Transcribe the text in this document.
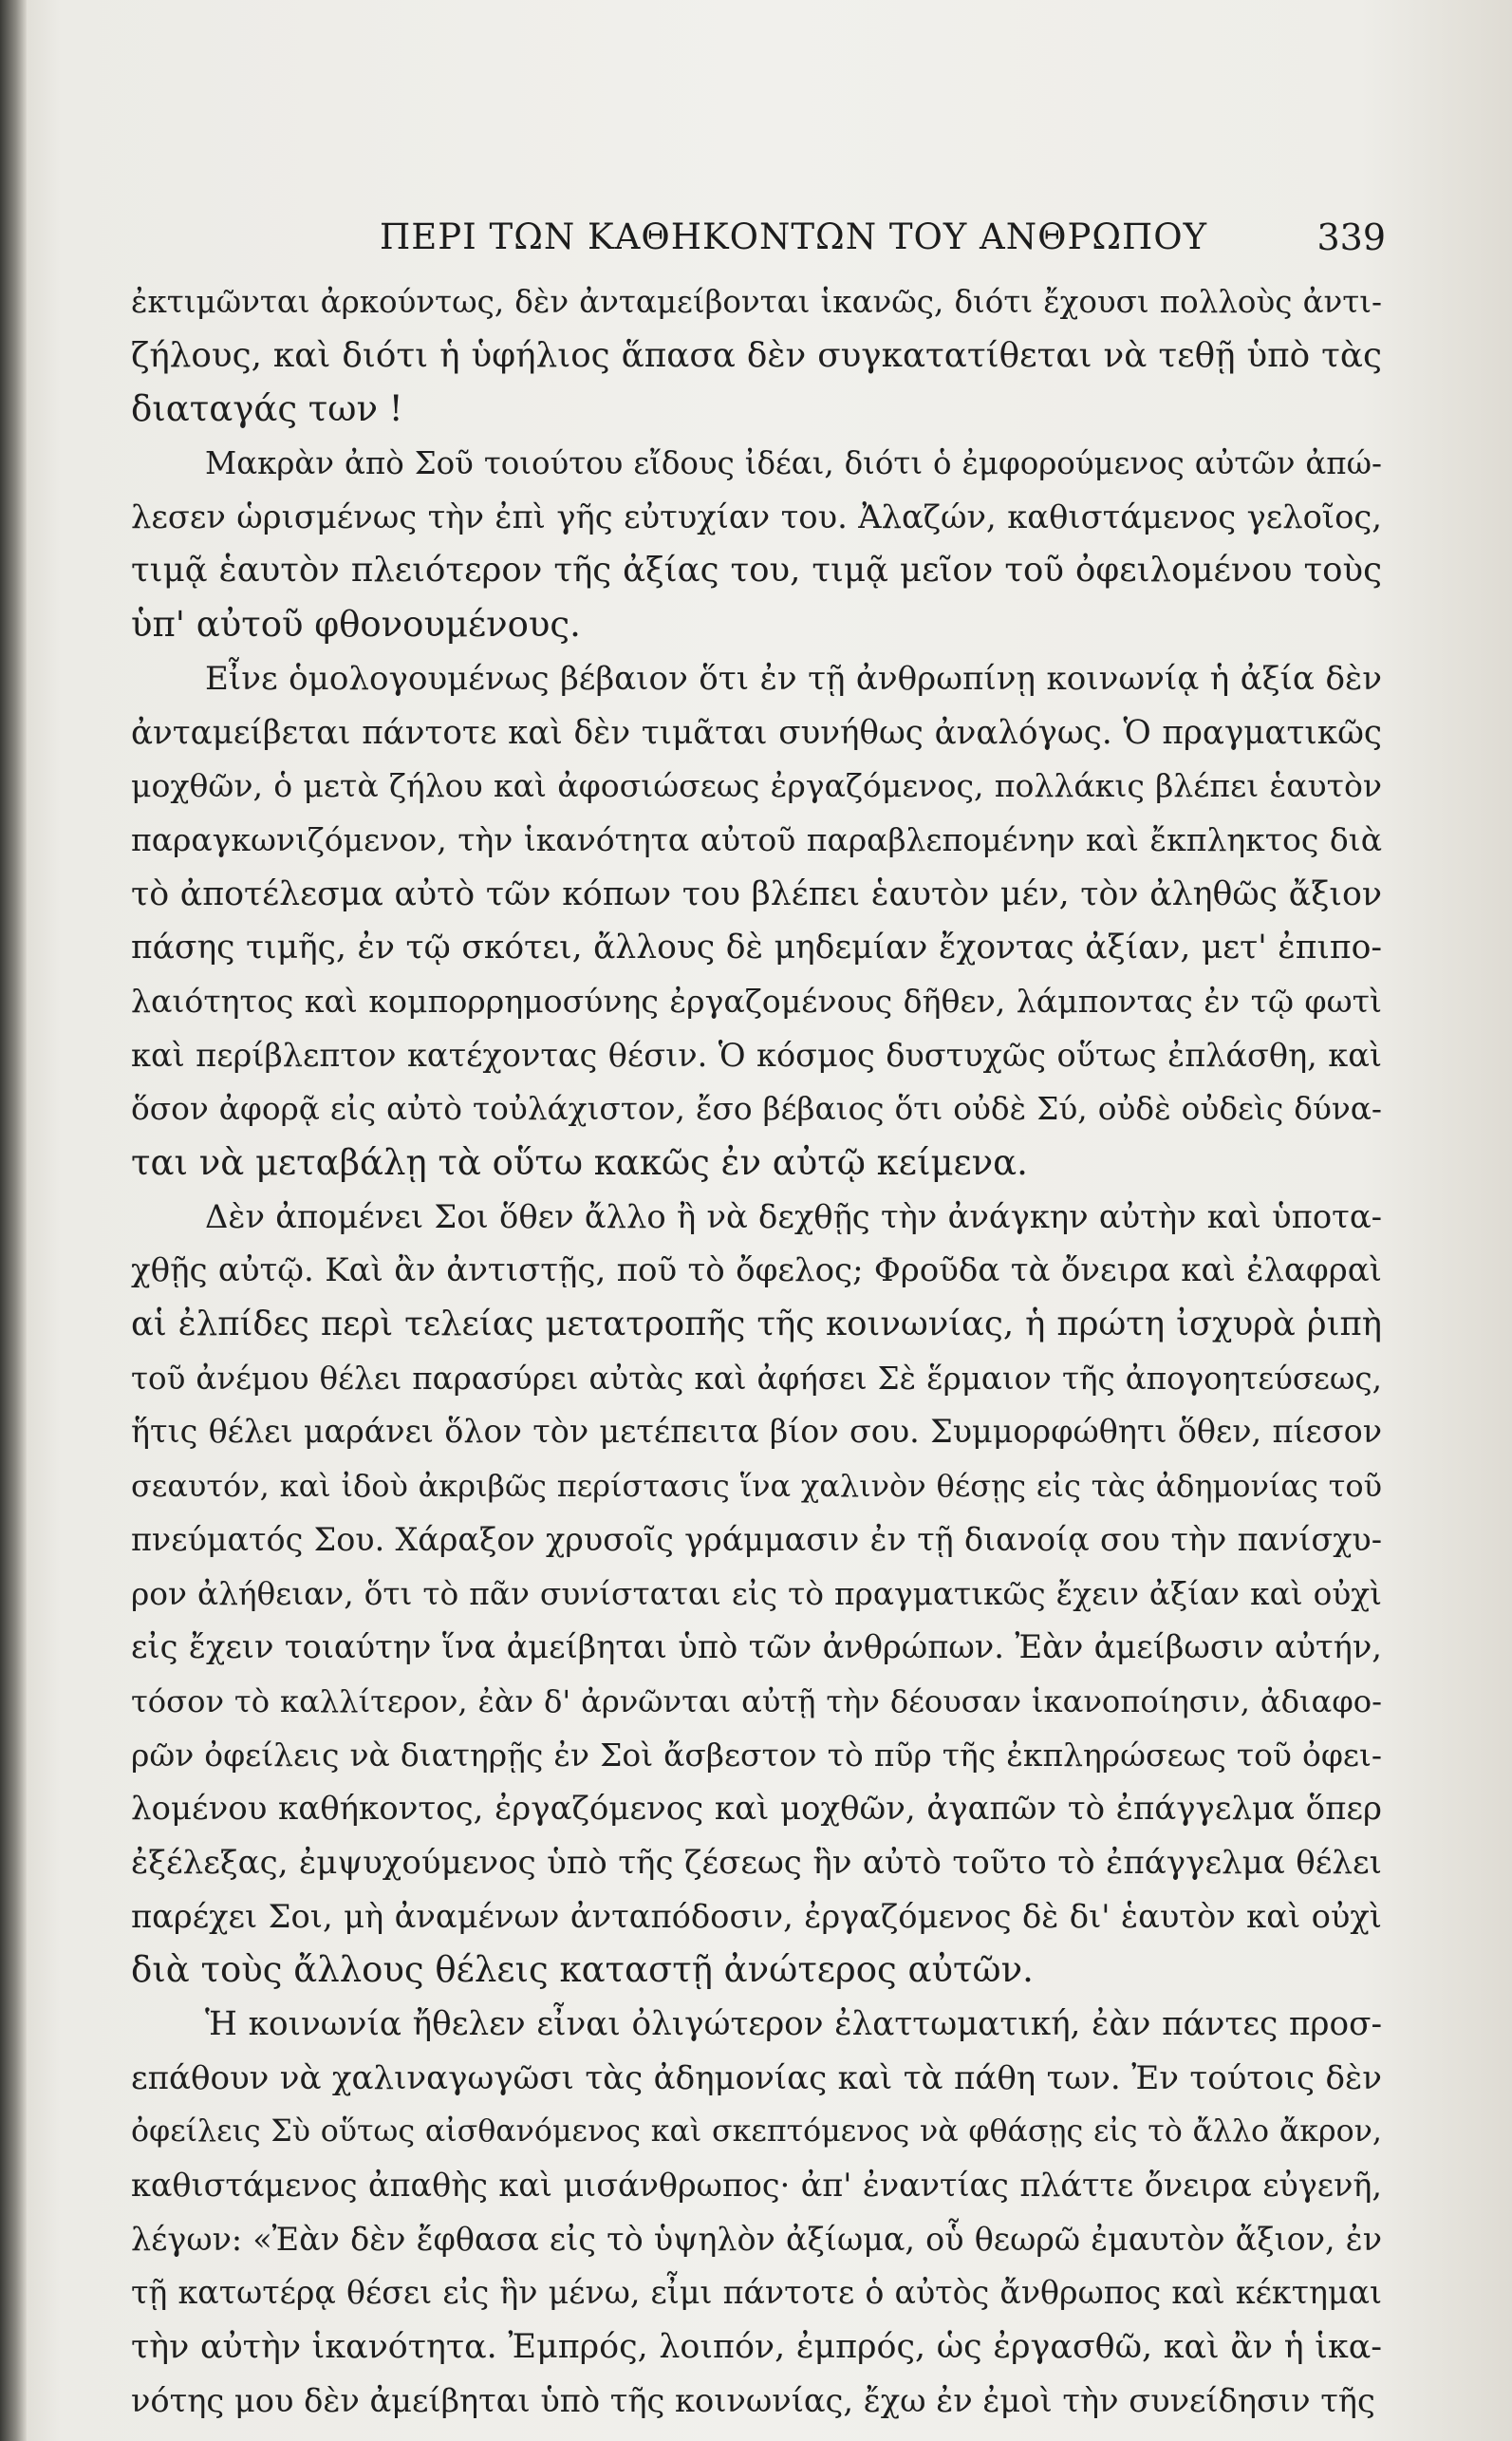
ΠΕΡΙ ΤΩΝ ΚΑΘΗΚΟΝΤΩΝ ΤΟΥ ΑΝΘΡΩΠΟΥ	339
ἐκτιμῶνται ἀρκούντως, δὲν ἀνταμείβονται ἱκανῶς, διότι ἔχουσι πολλοὺς ἀντι-
ζήλους, καὶ διότι ἡ ὑφήλιος ἅπασα δὲν συγκατατίθεται νὰ τεθῇ ὑπὸ τὰς
διαταγάς των !
Μακρὰν ἀπὸ Σοῦ τοιούτου εἴδους ἰδέαι, διότι ὁ ἐμφορούμενος αὐτῶν ἀπώ-
λεσεν ὡρισμένως τὴν ἐπὶ γῆς εὐτυχίαν του. Ἀλαζών, καθιστάμενος γελοῖος,
τιμᾷ ἑαυτὸν πλειότερον τῆς ἀξίας του, τιμᾷ μεῖον τοῦ ὀφειλομένου τοὺς
ὑπ' αὐτοῦ φθονουμένους.
Εἶνε ὁμολογουμένως βέβαιον ὅτι ἐν τῇ ἀνθρωπίνῃ κοινωνίᾳ ἡ ἀξία δὲν
ἀνταμείβεται πάντοτε καὶ δὲν τιμᾶται συνήθως ἀναλόγως. Ὁ πραγματικῶς
μοχθῶν, ὁ μετὰ ζήλου καὶ ἀφοσιώσεως ἐργαζόμενος, πολλάκις βλέπει ἑαυτὸν
παραγκωνιζόμενον, τὴν ἱκανότητα αὐτοῦ παραβλεπομένην καὶ ἔκπληκτος διὰ
τὸ ἀποτέλεσμα αὐτὸ τῶν κόπων του βλέπει ἑαυτὸν μέν, τὸν ἀληθῶς ἄξιον
πάσης τιμῆς, ἐν τῷ σκότει, ἄλλους δὲ μηδεμίαν ἔχοντας ἀξίαν, μετ' ἐπιπο-
λαιότητος καὶ κομπορρημοσύνης ἐργαζομένους δῆθεν, λάμποντας ἐν τῷ φωτὶ
καὶ περίβλεπτον κατέχοντας θέσιν. Ὁ κόσμος δυστυχῶς οὕτως ἐπλάσθη, καὶ
ὅσον ἀφορᾷ εἰς αὐτὸ τοὐλάχιστον, ἔσο βέβαιος ὅτι οὐδὲ Σύ, οὐδὲ οὐδεὶς δύνα-
ται νὰ μεταβάλῃ τὰ οὕτω κακῶς ἐν αὐτῷ κείμενα.
Δὲν ἀπομένει Σοι ὅθεν ἄλλο ἢ νὰ δεχθῇς τὴν ἀνάγκην αὐτὴν καὶ ὑποτα-
χθῇς αὐτῷ. Καὶ ἂν ἀντιστῇς, ποῦ τὸ ὄφελος; Φροῦδα τὰ ὄνειρα καὶ ἐλαφραὶ
αἱ ἐλπίδες περὶ τελείας μετατροπῆς τῆς κοινωνίας, ἡ πρώτη ἰσχυρὰ ῥιπὴ
τοῦ ἀνέμου θέλει παρασύρει αὐτὰς καὶ ἀφήσει Σὲ ἕρμαιον τῆς ἀπογοητεύσεως,
ἥτις θέλει μαράνει ὅλον τὸν μετέπειτα βίον σου. Συμμορφώθητι ὅθεν, πίεσον
σεαυτόν, καὶ ἰδοὺ ἀκριβῶς περίστασις ἵνα χαλινὸν θέσῃς εἰς τὰς ἀδημονίας τοῦ
πνεύματός Σου. Χάραξον χρυσοῖς γράμμασιν ἐν τῇ διανοίᾳ σου τὴν πανίσχυ-
ρον ἀλήθειαν, ὅτι τὸ πᾶν συνίσταται εἰς τὸ πραγματικῶς ἔχειν ἀξίαν καὶ οὐχὶ
εἰς ἔχειν τοιαύτην ἵνα ἀμείβηται ὑπὸ τῶν ἀνθρώπων. Ἐὰν ἀμείβωσιν αὐτήν,
τόσον τὸ καλλίτερον, ἐὰν δ' ἀρνῶνται αὐτῇ τὴν δέουσαν ἱκανοποίησιν, ἀδιαφο-
ρῶν ὀφείλεις νὰ διατηρῇς ἐν Σοὶ ἄσβεστον τὸ πῦρ τῆς ἐκπληρώσεως τοῦ ὀφει-
λομένου καθήκοντος, ἐργαζόμενος καὶ μοχθῶν, ἀγαπῶν τὸ ἐπάγγελμα ὅπερ
ἐξέλεξας, ἐμψυχούμενος ὑπὸ τῆς ζέσεως ἣν αὐτὸ τοῦτο τὸ ἐπάγγελμα θέλει
παρέχει Σοι, μὴ ἀναμένων ἀνταπόδοσιν, ἐργαζόμενος δὲ δι' ἑαυτὸν καὶ οὐχὶ
διὰ τοὺς ἄλλους θέλεις καταστῇ ἀνώτερος αὐτῶν.
Ἡ κοινωνία ἤθελεν εἶναι ὀλιγώτερον ἐλαττωματική, ἐὰν πάντες προσ-
επάθουν νὰ χαλιναγωγῶσι τὰς ἀδημονίας καὶ τὰ πάθη των. Ἐν τούτοις δὲν
ὀφείλεις Σὺ οὕτως αἰσθανόμενος καὶ σκεπτόμενος νὰ φθάσῃς εἰς τὸ ἄλλο ἄκρον,
καθιστάμενος ἀπαθὴς καὶ μισάνθρωπος· ἀπ' ἐναντίας πλάττε ὄνειρα εὐγενῆ,
λέγων: «Ἐὰν δὲν ἔφθασα εἰς τὸ ὑψηλὸν ἀξίωμα, οὗ θεωρῶ ἐμαυτὸν ἄξιον, ἐν
τῇ κατωτέρᾳ θέσει εἰς ἣν μένω, εἶμι πάντοτε ὁ αὐτὸς ἄνθρωπος καὶ κέκτημαι
τὴν αὐτὴν ἱκανότητα. Ἐμπρός, λοιπόν, ἐμπρός, ὡς ἐργασθῶ, καὶ ἂν ἡ ἱκα-
νότης μου δὲν ἀμείβηται ὑπὸ τῆς κοινωνίας, ἔχω ἐν ἐμοὶ τὴν συνείδησιν τῆς
